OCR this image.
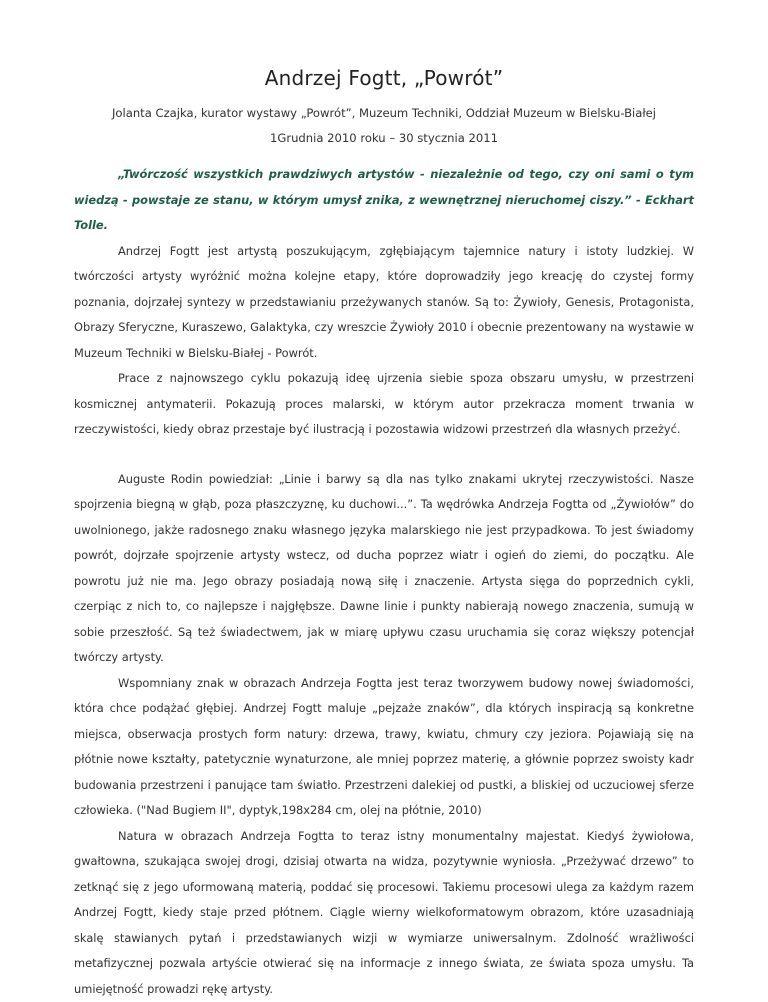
Andrzej Fogtt, „Powrót”

Jolanta Czajka, kurator wystawy „Powrót”, Muzeum Techniki, Oddział Muzeum w Bielsku-Białej

1Grudnia 2010 roku – 30 stycznia 2011

„Twórczość wszystkich prawdziwych artystów - niezależnie od tego, czy oni sami o tym wiedzą - powstaje ze stanu, w którym umysł znika, z wewnętrznej nieruchomej ciszy.” - Eckhart Tolle.

Andrzej Fogtt jest artystą poszukującym, zgłębiającym tajemnice natury i istoty ludzkiej. W twórczości artysty wyróżnić można kolejne etapy, które doprowadziły jego kreację do czystej formy poznania, dojrzałej syntezy w przedstawianiu przeżywanych stanów. Są to: Żywioły, Genesis, Protagonista, Obrazy Sferyczne, Kuraszewo, Galaktyka, czy wreszcie Żywioły 2010 i obecnie prezentowany na wystawie w Muzeum Techniki w Bielsku-Białej - Powrót.

Prace z najnowszego cyklu pokazują ideę ujrzenia siebie spoza obszaru umysłu, w przestrzeni kosmicznej antymaterii. Pokazują proces malarski, w którym autor przekracza moment trwania w rzeczywistości, kiedy obraz przestaje być ilustracją i pozostawia widzowi przestrzeń dla własnych przeżyć.

Auguste Rodin powiedział: „Linie i barwy są dla nas tylko znakami ukrytej rzeczywistości. Nasze spojrzenia biegną w głąb, poza płaszczyznę, ku duchowi...”. Ta wędrówka Andrzeja Fogtta od „Żywiołów” do uwolnionego, jakże radosnego znaku własnego języka malarskiego nie jest przypadkowa. To jest świadomy powrót, dojrzałe spojrzenie artysty wstecz, od ducha poprzez wiatr i ogień do ziemi, do początku. Ale powrotu już nie ma. Jego obrazy posiadają nową siłę i znaczenie. Artysta sięga do poprzednich cykli, czerpiąc z nich to, co najlepsze i najgłębsze. Dawne linie i punkty nabierają nowego znaczenia, sumują w sobie przeszłość. Są też świadectwem, jak w miarę upływu czasu uruchamia się coraz większy potencjał twórczy artysty.

Wspomniany znak w obrazach Andrzeja Fogtta jest teraz tworzywem budowy nowej świadomości, która chce podążać głębiej. Andrzej Fogtt maluje „pejzaże znaków”, dla których inspiracją są konkretne miejsca, obserwacja prostych form natury: drzewa, trawy, kwiatu, chmury czy jeziora. Pojawiają się na płótnie nowe kształty, patetycznie wynaturzone, ale mniej poprzez materię, a głównie poprzez swoisty kadr budowania przestrzeni i panujące tam światło. Przestrzeni dalekiej od pustki, a bliskiej od uczuciowej sferze człowieka. ("Nad Bugiem II", dyptyk,198x284 cm, olej na płótnie, 2010)

Natura w obrazach Andrzeja Fogtta to teraz istny monumentalny majestat. Kiedyś żywiołowa, gwałtowna, szukająca swojej drogi, dzisiaj otwarta na widza, pozytywnie wyniosła. „Przeżywać drzewo” to zetknąć się z jego uformowaną materią, poddać się procesowi. Takiemu procesowi ulega za każdym razem Andrzej Fogtt, kiedy staje przed płótnem. Ciągle wierny wielkoformatowym obrazom, które uzasadniają skalę stawianych pytań i przedstawianych wizji w wymiarze uniwersalnym. Zdolność wrażliwości metafizycznej pozwala artyście otwierać się na informacje z innego świata, ze świata spoza umysłu. Ta umiejętność prowadzi rękę artysty.
